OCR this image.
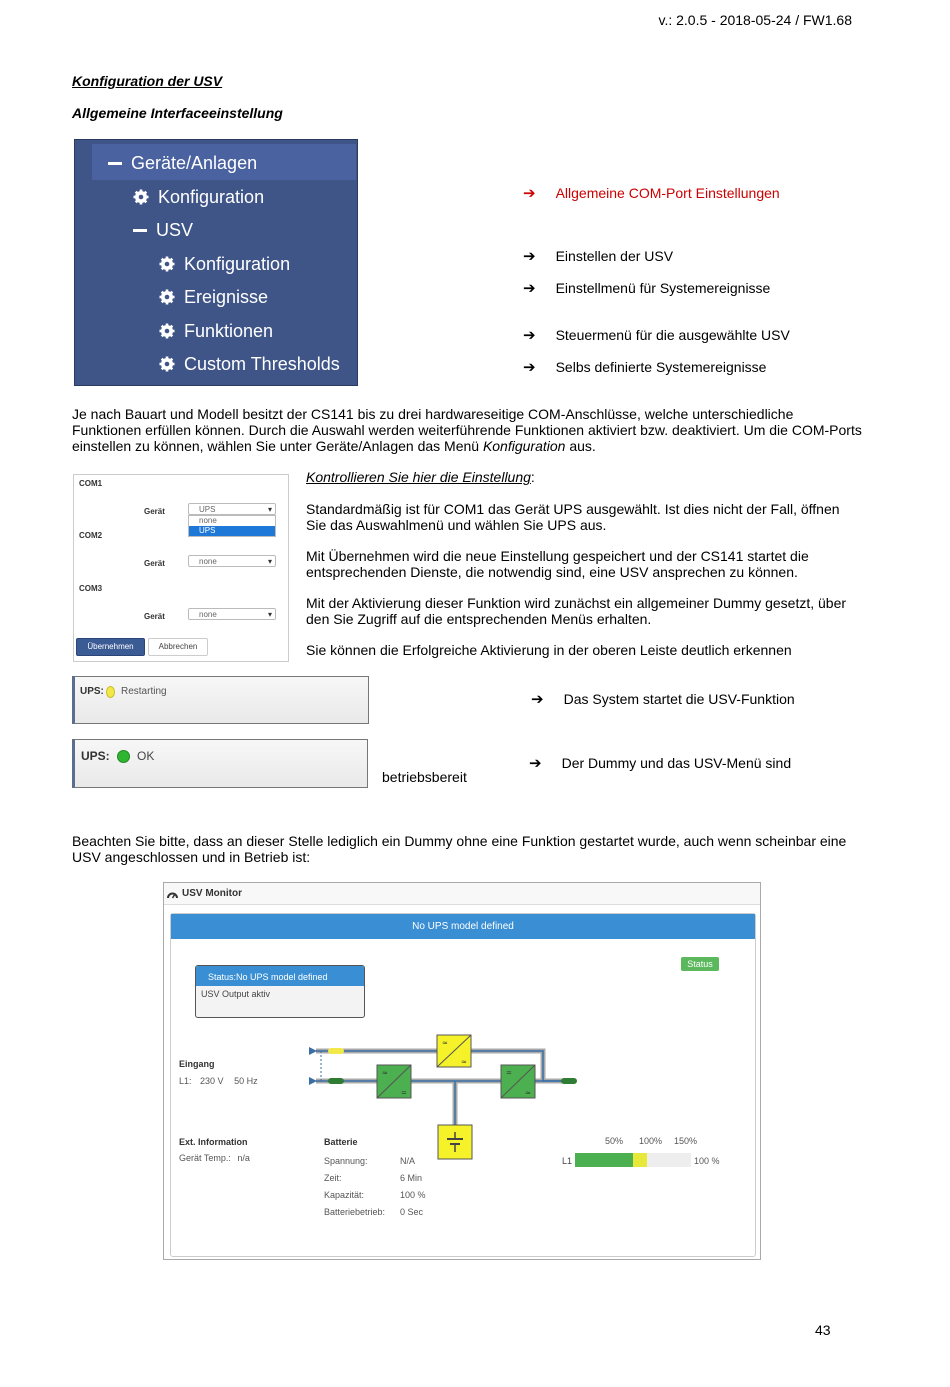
v.: 2.0.5 - 2018-05-24 / FW1.68
Konfiguration der USV
Allgemeine Interfaceeinstellung
Geräte/Anlagen
Konfiguration
USV
Konfiguration
Ereignisse
Funktionen
Custom Thresholds
➔ Allgemeine COM-Port Einstellungen
➔ Einstellen der USV
➔ Einstellmenü für Systemereignisse
➔ Steuermenü für die ausgewählte USV
➔ Selbs definierte Systemereignisse
Je nach Bauart und Modell besitzt der CS141 bis zu drei hardwareseitige COM-Anschlüsse, welche unterschiedliche
Funktionen erfüllen können. Durch die Auswahl werden weiterführende Funktionen aktiviert bzw. deaktiviert. Um die COM-Ports
einstellen zu können, wählen Sie unter Geräte/Anlagen das Menü Konfiguration aus.
COM1
Gerät	UPS ▾
none
UPS
COM2
Gerät	none ▾
COM3
Gerät	none ▾
Übernehmen	Abbrechen
Kontrollieren Sie hier die Einstellung:
Standardmäßig ist für COM1 das Gerät UPS ausgewählt. Ist dies nicht der Fall, öffnen
Sie das Auswahlmenü und wählen Sie UPS aus.
Mit Übernehmen wird die neue Einstellung gespeichert und der CS141 startet die
entsprechenden Dienste, die notwendig sind, eine USV ansprechen zu können.
Mit der Aktivierung dieser Funktion wird zunächst ein allgemeiner Dummy gesetzt, über
den Sie Zugriff auf die entsprechenden Menüs erhalten.
Sie können die Erfolgreiche Aktivierung in der oberen Leiste deutlich erkennen
UPS: Restarting	➔ Das System startet die USV-Funktion
UPS: OK	➔ Der Dummy und das USV-Menü sind
betriebsbereit
Beachten Sie bitte, dass an dieser Stelle lediglich ein Dummy ohne eine Funktion gestartet wurde, auch wenn scheinbar eine
USV angeschlossen und in Betrieb ist:
USV Monitor
No UPS model defined
Status
Status:No UPS model defined
USV Output aktiv
≈
≈
≈
=
=
≈
Eingang
L1: 230 V 50 Hz
Ext. Information
Gerät Temp.: n/a
Batterie
Spannung:	N/A
Zeit:	6 Min
Kapazität:	100 %
Batteriebetrieb: 0 Sec
50% 100% 150%
L1	100 %
43
